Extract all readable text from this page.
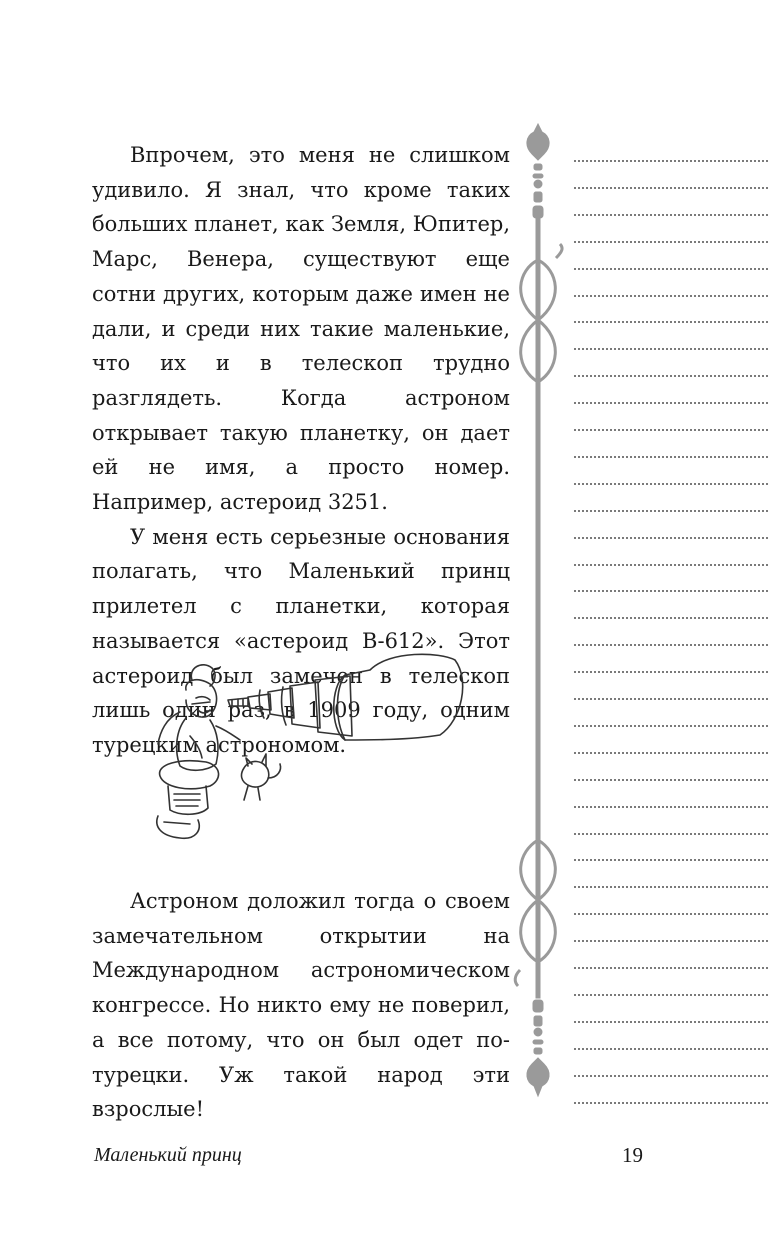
Впрочем, это меня не слишком удивило. Я знал, что кроме таких больших планет, как Земля, Юпитер, Марс, Венера, существуют еще сотни других, которым даже имен не дали, и среди них такие маленькие, что их и в телескоп трудно разглядеть. Когда астроном открывает такую планетку, он дает ей не имя, а просто номер. Например, астероид 3251.

У меня есть серьезные основания полагать, что Маленький принц прилетел с планетки, которая называется «астероид В-612». Этот астероид был замечен в телескоп лишь один раз, в 1909 году, одним турецким астрономом.

Астроном доложил тогда о своем замечательном открытии на Международном астрономическом конгрессе. Но никто ему не поверил, а все потому, что он был одет по-турецки. Уж такой народ эти взрослые!

Маленький принц	19
